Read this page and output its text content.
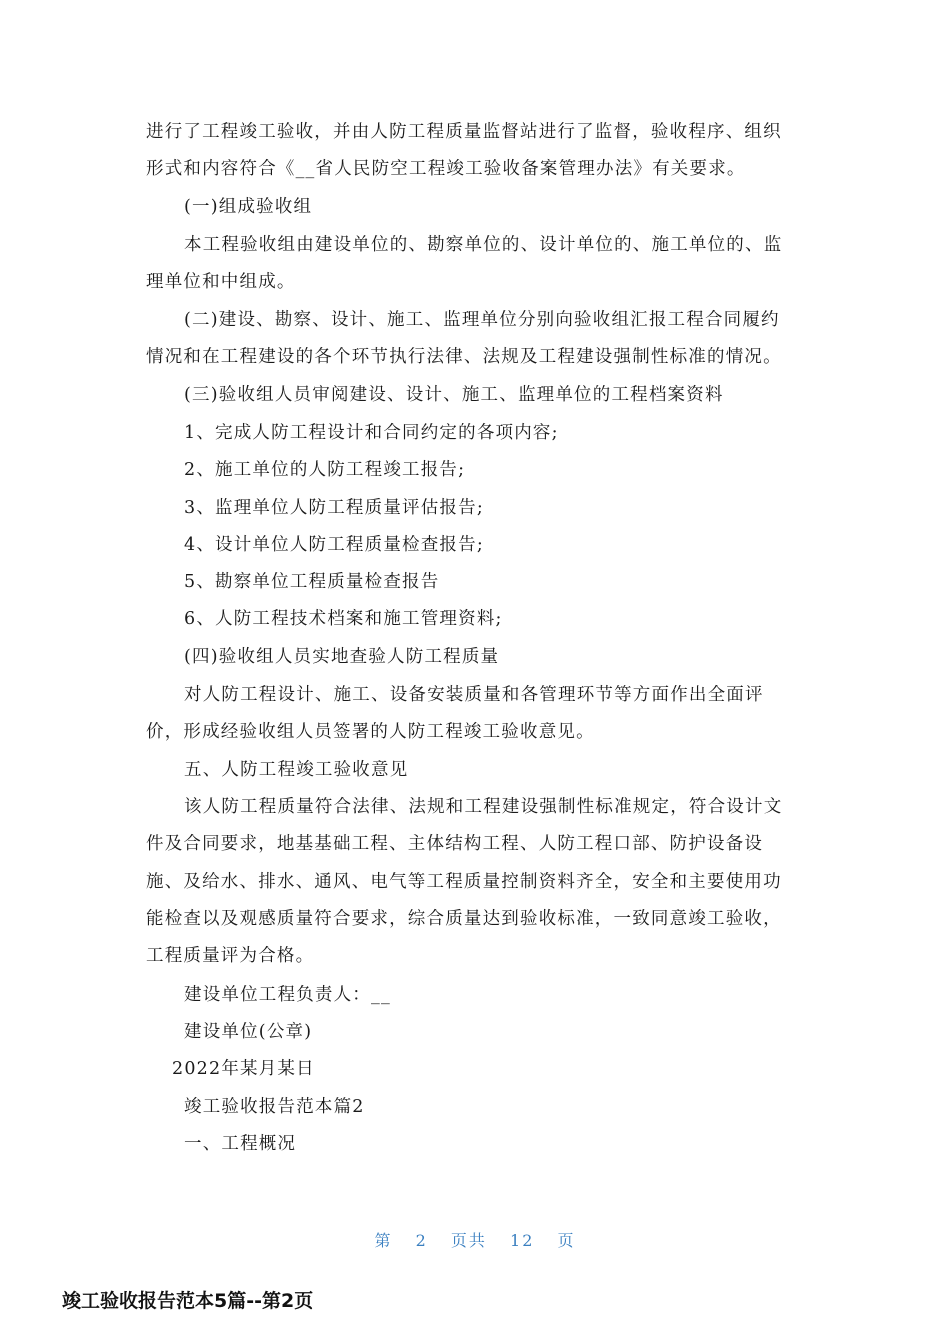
进行了工程竣工验收，并由人防工程质量监督站进行了监督，验收程序、组织
形式和内容符合《__省人民防空工程竣工验收备案管理办法》有关要求。
(一)组成验收组
本工程验收组由建设单位的、勘察单位的、设计单位的、施工单位的、监
理单位和中组成。
(二)建设、勘察、设计、施工、监理单位分别向验收组汇报工程合同履约
情况和在工程建设的各个环节执行法律、法规及工程建设强制性标准的情况。
(三)验收组人员审阅建设、设计、施工、监理单位的工程档案资料
1、完成人防工程设计和合同约定的各项内容;
2、施工单位的人防工程竣工报告;
3、监理单位人防工程质量评估报告;
4、设计单位人防工程质量检查报告;
5、勘察单位工程质量检查报告
6、人防工程技术档案和施工管理资料;
(四)验收组人员实地查验人防工程质量
对人防工程设计、施工、设备安装质量和各管理环节等方面作出全面评
价，形成经验收组人员签署的人防工程竣工验收意见。
五、人防工程竣工验收意见
该人防工程质量符合法律、法规和工程建设强制性标准规定，符合设计文
件及合同要求，地基基础工程、主体结构工程、人防工程口部、防护设备设
施、及给水、排水、通风、电气等工程质量控制资料齐全，安全和主要使用功
能检查以及观感质量符合要求，综合质量达到验收标准，一致同意竣工验收，
工程质量评为合格。
建设单位工程负责人：__
建设单位(公章)
2022年某月某日
竣工验收报告范本篇2
一、工程概况
第 2 页共 12 页
竣工验收报告范本5篇--第2页
